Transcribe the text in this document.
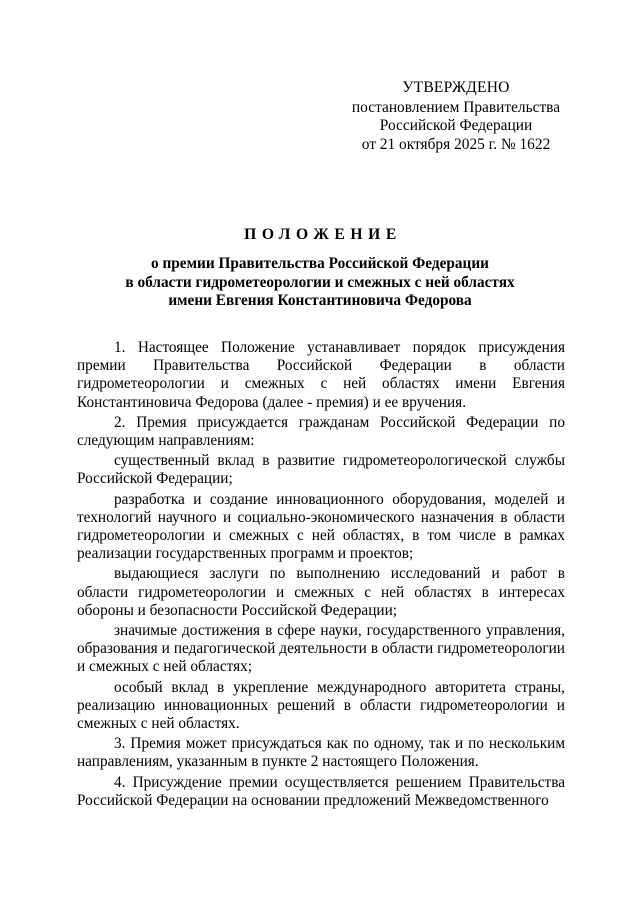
УТВЕРЖДЕНО
постановлением Правительства
Российской Федерации
от 21 октября 2025 г. № 1622
ПОЛОЖЕНИЕ
о премии Правительства Российской Федерации
в области гидрометеорологии и смежных с ней областях
имени Евгения Константиновича Федорова

1. Настоящее Положение устанавливает порядок присуждения премии Правительства Российской Федерации в области гидрометеорологии и смежных с ней областях имени Евгения Константиновича Федорова (далее - премия) и ее вручения.

2. Премия присуждается гражданам Российской Федерации по следующим направлениям:

существенный вклад в развитие гидрометеорологической службы Российской Федерации;

разработка и создание инновационного оборудования, моделей и технологий научного и социально-экономического назначения в области гидрометеорологии и смежных с ней областях, в том числе в рамках реализации государственных программ и проектов;

выдающиеся заслуги по выполнению исследований и работ в области гидрометеорологии и смежных с ней областях в интересах обороны и безопасности Российской Федерации;

значимые достижения в сфере науки, государственного управления, образования и педагогической деятельности в области гидрометеорологии и смежных с ней областях;

особый вклад в укрепление международного авторитета страны, реализацию инновационных решений в области гидрометеорологии и смежных с ней областях.

3. Премия может присуждаться как по одному, так и по нескольким направлениям, указанным в пункте 2 настоящего Положения.

4. Присуждение премии осуществляется решением Правительства Российской Федерации на основании предложений Межведомственного
